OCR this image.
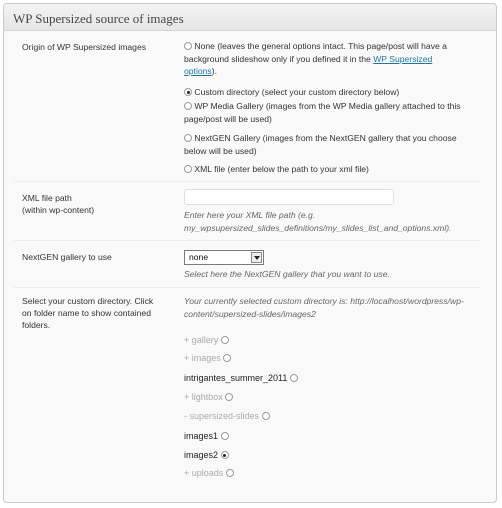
WP Supersized source of images
Origin of WP Supersized images	None (leaves the general options intact. This page/post will have a
background slideshow only if you defined it in the WP Supersized
options).
Custom directory (select your custom directory below)
WP Media Gallery (images from the WP Media gallery attached to this
page/post will be used)
NextGEN Gallery (images from the NextGEN gallery that you choose
below will be used)
XML file (enter below the path to your xml file)
XML file path
(within wp-content)	Enter here your XML file path (e.g.
my_wpsupersized_slides_definitions/my_slides_list_and_options.xml).
NextGEN gallery to use	none
Select here the NextGEN gallery that you want to use.
Select your custom directory. Click
on folder name to show contained
folders.
Your currently selected custom directory is: http://localhost/wordpress/wp-
content/supersized-slides/images2
+ gallery
+ images
intrigantes_summer_2011
+ lightbox
- supersized-slides
images1
images2
+ uploads
